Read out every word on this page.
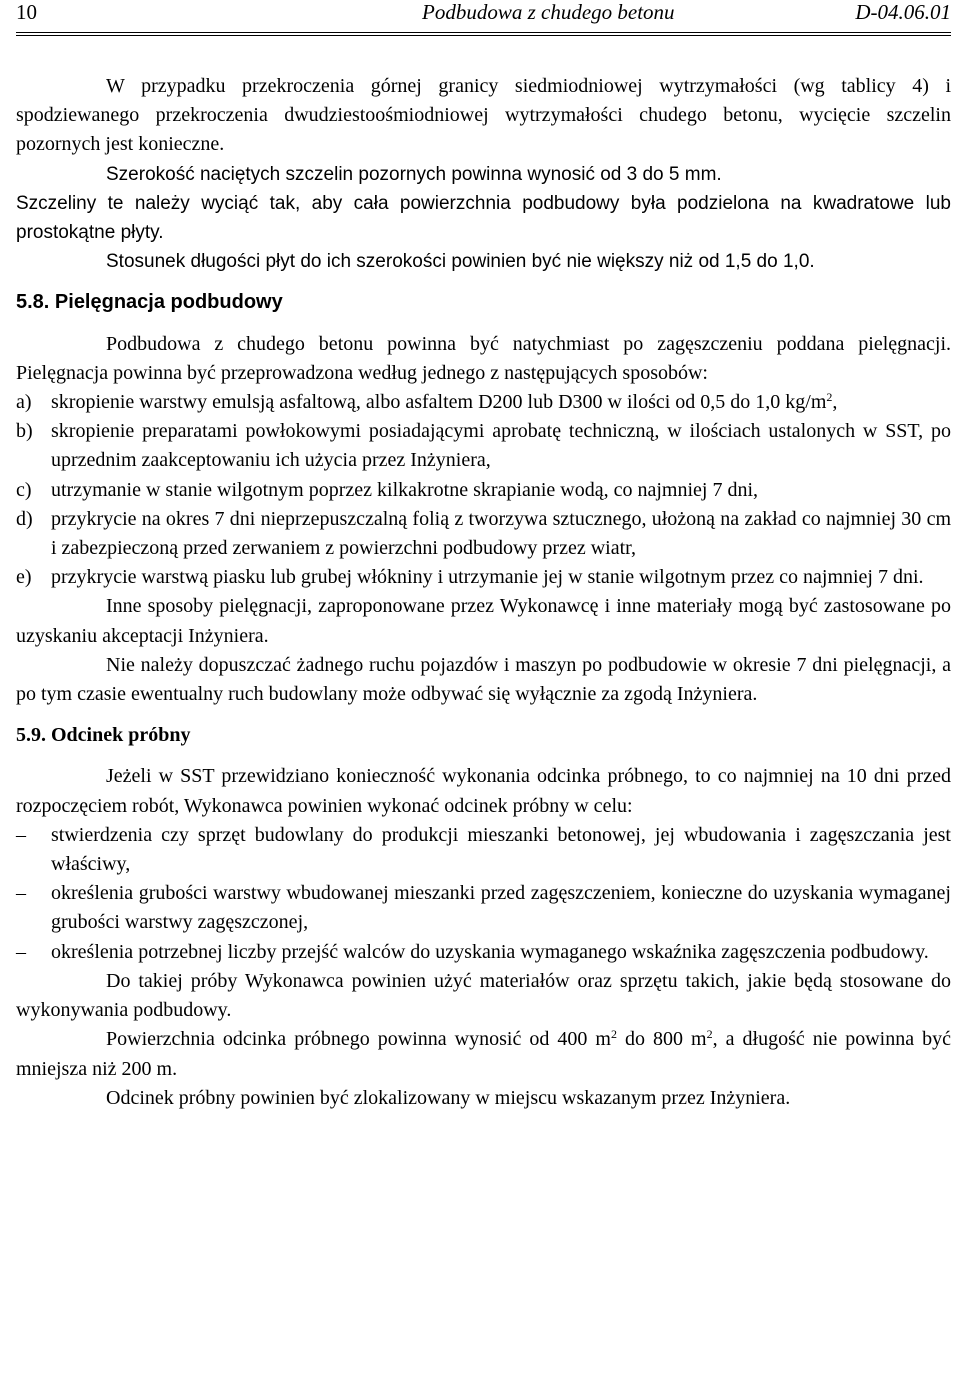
10	Podbudowa z chudego betonu	D-04.06.01

W przypadku przekroczenia górnej granicy siedmiodniowej wytrzymałości (wg tablicy 4) i spodziewanego przekroczenia dwudziestoośmiodniowej wytrzymałości chudego betonu, wycięcie szczelin pozornych jest konieczne.

Szerokość naciętych szczelin pozornych powinna wynosić od 3 do 5 mm.

Szczeliny te należy wyciąć tak, aby cała powierzchnia podbudowy była podzielona na kwadratowe lub prostokątne płyty.

Stosunek długości płyt do ich szerokości powinien być nie większy niż od 1,5 do 1,0.

5.8. Pielęgnacja podbudowy

Podbudowa z chudego betonu powinna być natychmiast po zagęszczeniu poddana pielęgnacji. Pielęgnacja powinna być przeprowadzona według jednego z następujących sposobów:

a) skropienie warstwy emulsją asfaltową, albo asfaltem D200 lub D300 w ilości od 0,5 do 1,0 $kg/m^2$,
b) skropienie preparatami powłokowymi posiadającymi aprobatę techniczną, w ilościach ustalonych w SST, po uprzednim zaakceptowaniu ich użycia przez Inżyniera,
c) utrzymanie w stanie wilgotnym poprzez kilkakrotne skrapianie wodą, co najmniej 7 dni,
d) przykrycie na okres 7 dni nieprzepuszczalną folią z tworzywa sztucznego, ułożoną na zakład co najmniej 30 cm i zabezpieczoną przed zerwaniem z powierzchni podbudowy przez wiatr,
e) przykrycie warstwą piasku lub grubej włókniny i utrzymanie jej w stanie wilgotnym przez co najmniej 7 dni.

Inne sposoby pielęgnacji, zaproponowane przez Wykonawcę i inne materiały mogą być zastosowane po uzyskaniu akceptacji Inżyniera.

Nie należy dopuszczać żadnego ruchu pojazdów i maszyn po podbudowie w okresie 7 dni pielęgnacji, a po tym czasie ewentualny ruch budowlany może odbywać się wyłącznie za zgodą Inżyniera.

5.9. Odcinek próbny

Jeżeli w SST przewidziano konieczność wykonania odcinka próbnego, to co najmniej na 10 dni przed rozpoczęciem robót, Wykonawca powinien wykonać odcinek próbny w celu:

– stwierdzenia czy sprzęt budowlany do produkcji mieszanki betonowej, jej wbudowania i zagęszczania jest właściwy,
– określenia grubości warstwy wbudowanej mieszanki przed zagęszczeniem, konieczne do uzyskania wymaganej grubości warstwy zagęszczonej,
– określenia potrzebnej liczby przejść walców do uzyskania wymaganego wskaźnika zagęszczenia podbudowy.

Do takiej próby Wykonawca powinien użyć materiałów oraz sprzętu takich, jakie będą stosowane do wykonywania podbudowy.

Powierzchnia odcinka próbnego powinna wynosić od 400 $m^2$ do 800 $m^2$, a długość nie powinna być mniejsza niż 200 m.

Odcinek próbny powinien być zlokalizowany w miejscu wskazanym przez Inżyniera.
